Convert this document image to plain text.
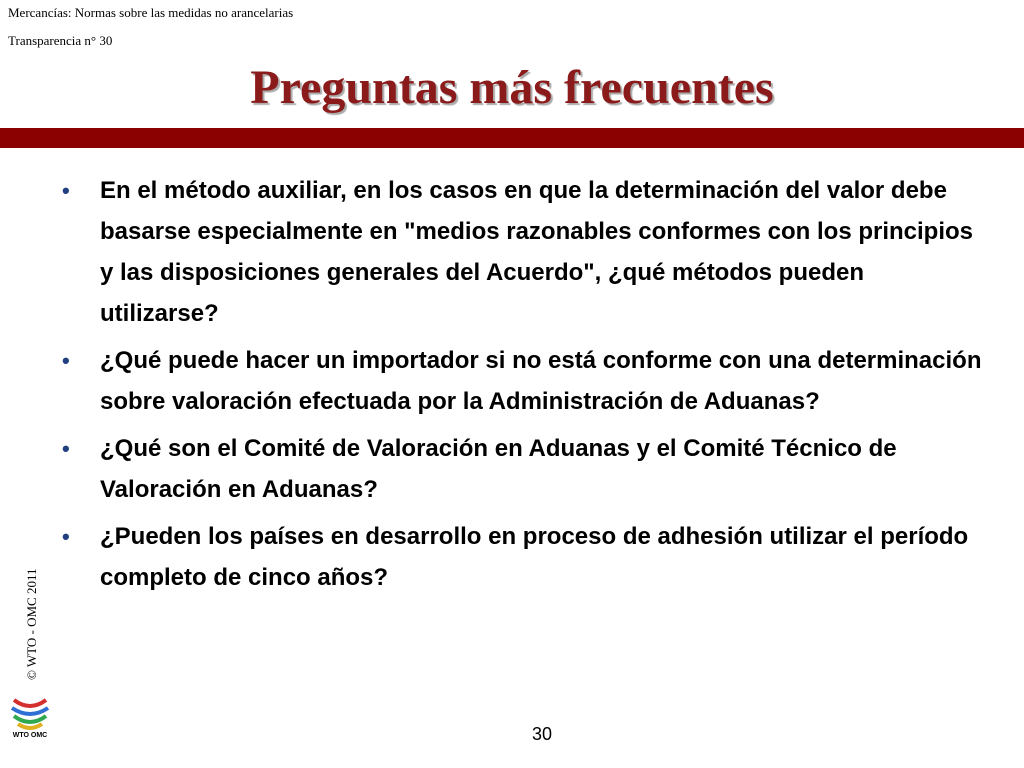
Mercancías: Normas sobre las medidas no arancelarias
Transparencia n° 30
Preguntas más frecuentes
• En el método auxiliar, en los casos en que la determinación del valor debe basarse especialmente en "medios razonables conformes con los principios y las disposiciones generales del Acuerdo", ¿qué métodos pueden utilizarse?
• ¿Qué puede hacer un importador si no está conforme con una determinación sobre valoración efectuada por la Administración de Aduanas?
• ¿Qué son el Comité de Valoración en Aduanas y el Comité Técnico de Valoración en Aduanas?
• ¿Pueden los países en desarrollo en proceso de adhesión utilizar el período completo de cinco años?
© WTO - OMC 2011
WTO OMC	30
